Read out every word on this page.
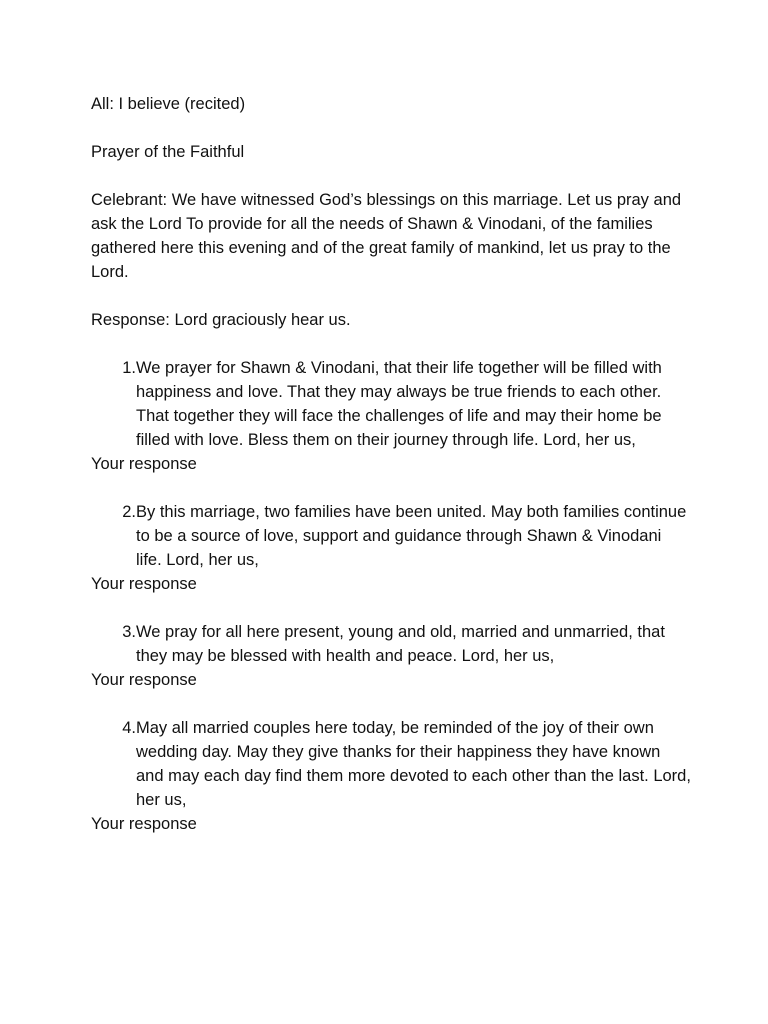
All: I believe (recited)

Prayer of the Faithful

Celebrant: We have witnessed God’s blessings on this marriage. Let us pray and ask the Lord To provide for all the needs of Shawn & Vinodani, of the families gathered here this evening and of the great family of mankind, let us pray to the Lord.

Response: Lord graciously hear us.

1. We prayer for Shawn & Vinodani, that their life together will be filled with happiness and love. That they may always be true friends to each other. That together they will face the challenges of life and may their home be filled with love. Bless them on their journey through life. Lord, her us,
Your response
2. By this marriage, two families have been united. May both families continue to be a source of love, support and guidance through Shawn & Vinodani life. Lord, her us,
Your response
3. We pray for all here present, young and old, married and unmarried, that they may be blessed with health and peace. Lord, her us,
Your response
4. May all married couples here today, be reminded of the joy of their own wedding day. May they give thanks for their happiness they have known and may each day find them more devoted to each other than the last. Lord, her us,
Your response
